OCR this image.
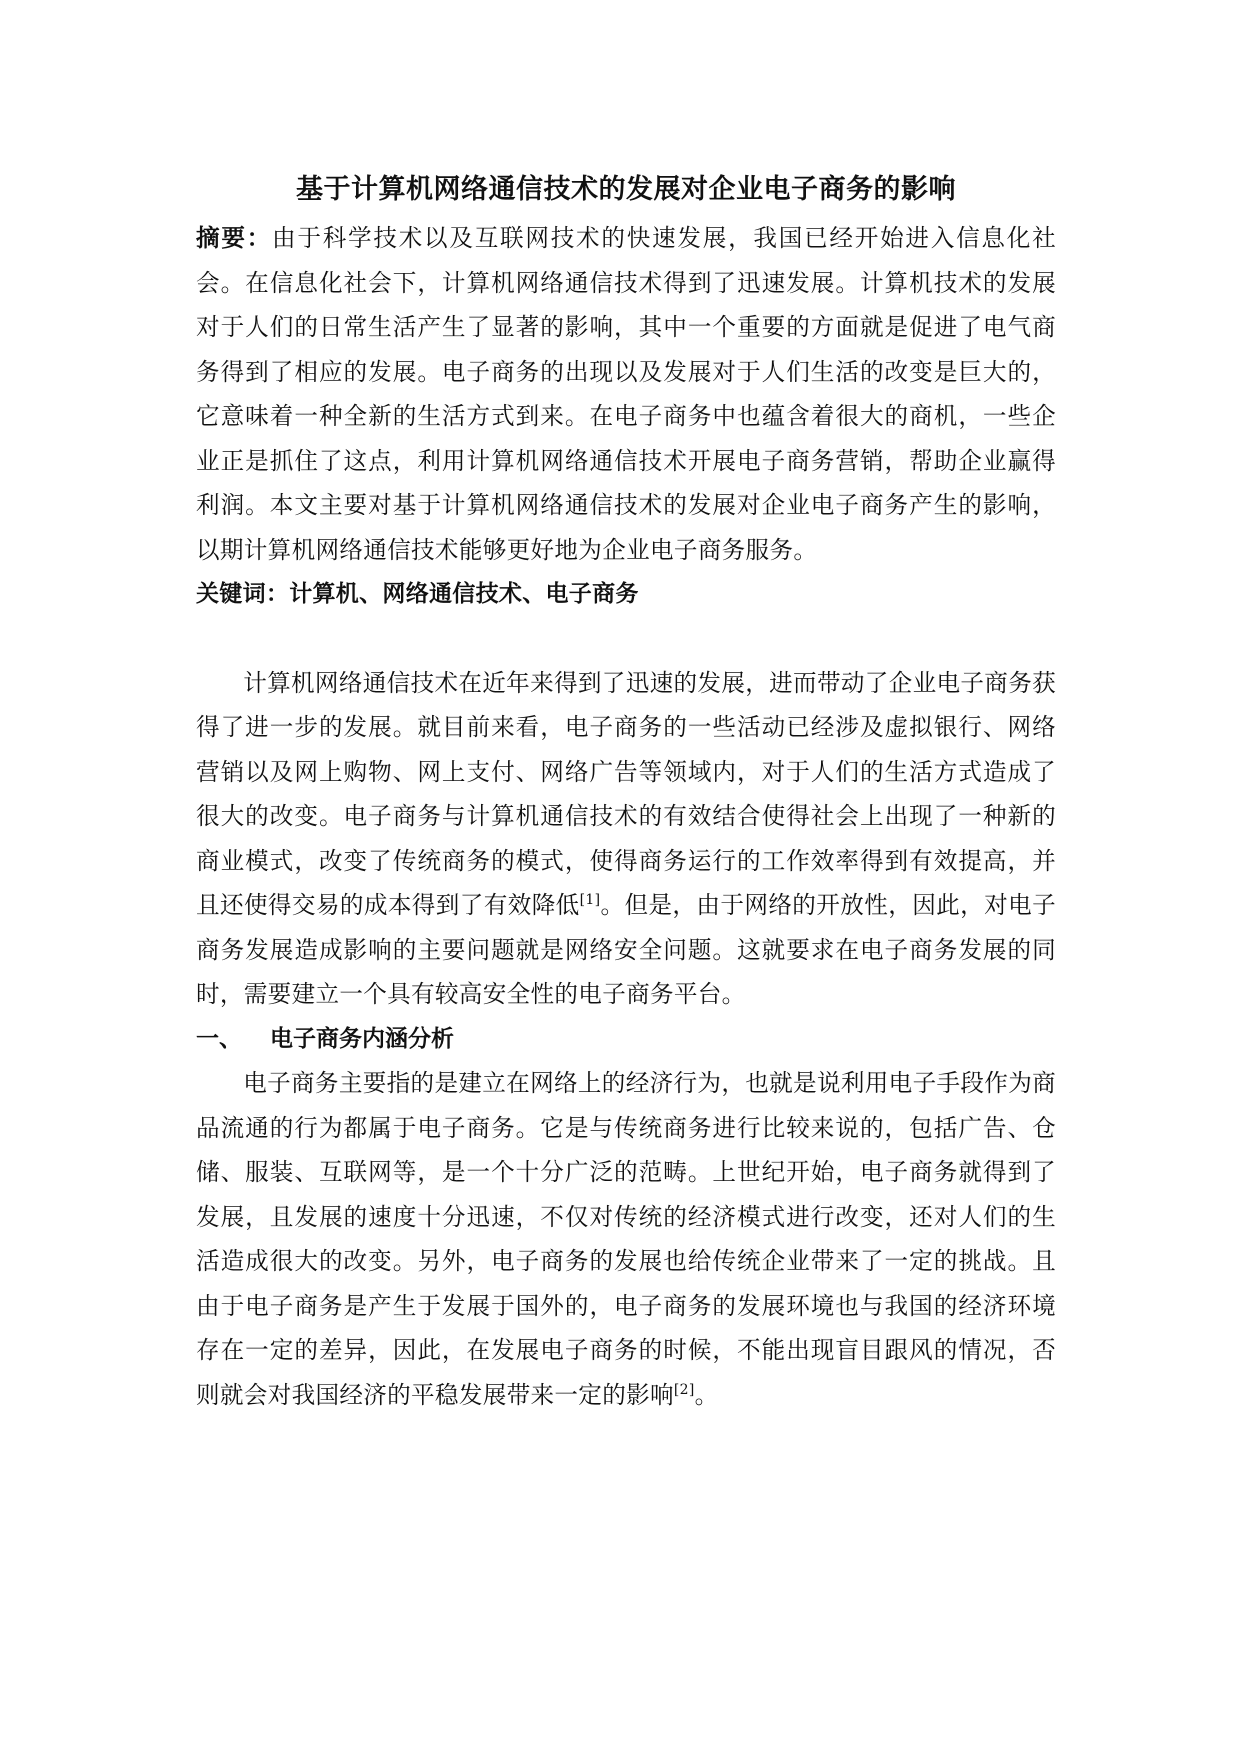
基于计算机网络通信技术的发展对企业电子商务的影响

摘要：由于科学技术以及互联网技术的快速发展，我国已经开始进入信息化社会。在信息化社会下，计算机网络通信技术得到了迅速发展。计算机技术的发展对于人们的日常生活产生了显著的影响，其中一个重要的方面就是促进了电气商务得到了相应的发展。电子商务的出现以及发展对于人们生活的改变是巨大的，它意味着一种全新的生活方式到来。在电子商务中也蕴含着很大的商机，一些企业正是抓住了这点，利用计算机网络通信技术开展电子商务营销，帮助企业赢得利润。本文主要对基于计算机网络通信技术的发展对企业电子商务产生的影响，以期计算机网络通信技术能够更好地为企业电子商务服务。

关键词：计算机、网络通信技术、电子商务

计算机网络通信技术在近年来得到了迅速的发展，进而带动了企业电子商务获得了进一步的发展。就目前来看，电子商务的一些活动已经涉及虚拟银行、网络营销以及网上购物、网上支付、网络广告等领域内，对于人们的生活方式造成了很大的改变。电子商务与计算机通信技术的有效结合使得社会上出现了一种新的商业模式，改变了传统商务的模式，使得商务运行的工作效率得到有效提高，并且还使得交易的成本得到了有效降低[1]。但是，由于网络的开放性，因此，对电子商务发展造成影响的主要问题就是网络安全问题。这就要求在电子商务发展的同时，需要建立一个具有较高安全性的电子商务平台。

一、 电子商务内涵分析

电子商务主要指的是建立在网络上的经济行为，也就是说利用电子手段作为商品流通的行为都属于电子商务。它是与传统商务进行比较来说的，包括广告、仓储、服装、互联网等，是一个十分广泛的范畴。上世纪开始，电子商务就得到了发展，且发展的速度十分迅速，不仅对传统的经济模式进行改变，还对人们的生活造成很大的改变。另外，电子商务的发展也给传统企业带来了一定的挑战。且由于电子商务是产生于发展于国外的，电子商务的发展环境也与我国的经济环境存在一定的差异，因此，在发展电子商务的时候，不能出现盲目跟风的情况，否则就会对我国经济的平稳发展带来一定的影响[2]。
